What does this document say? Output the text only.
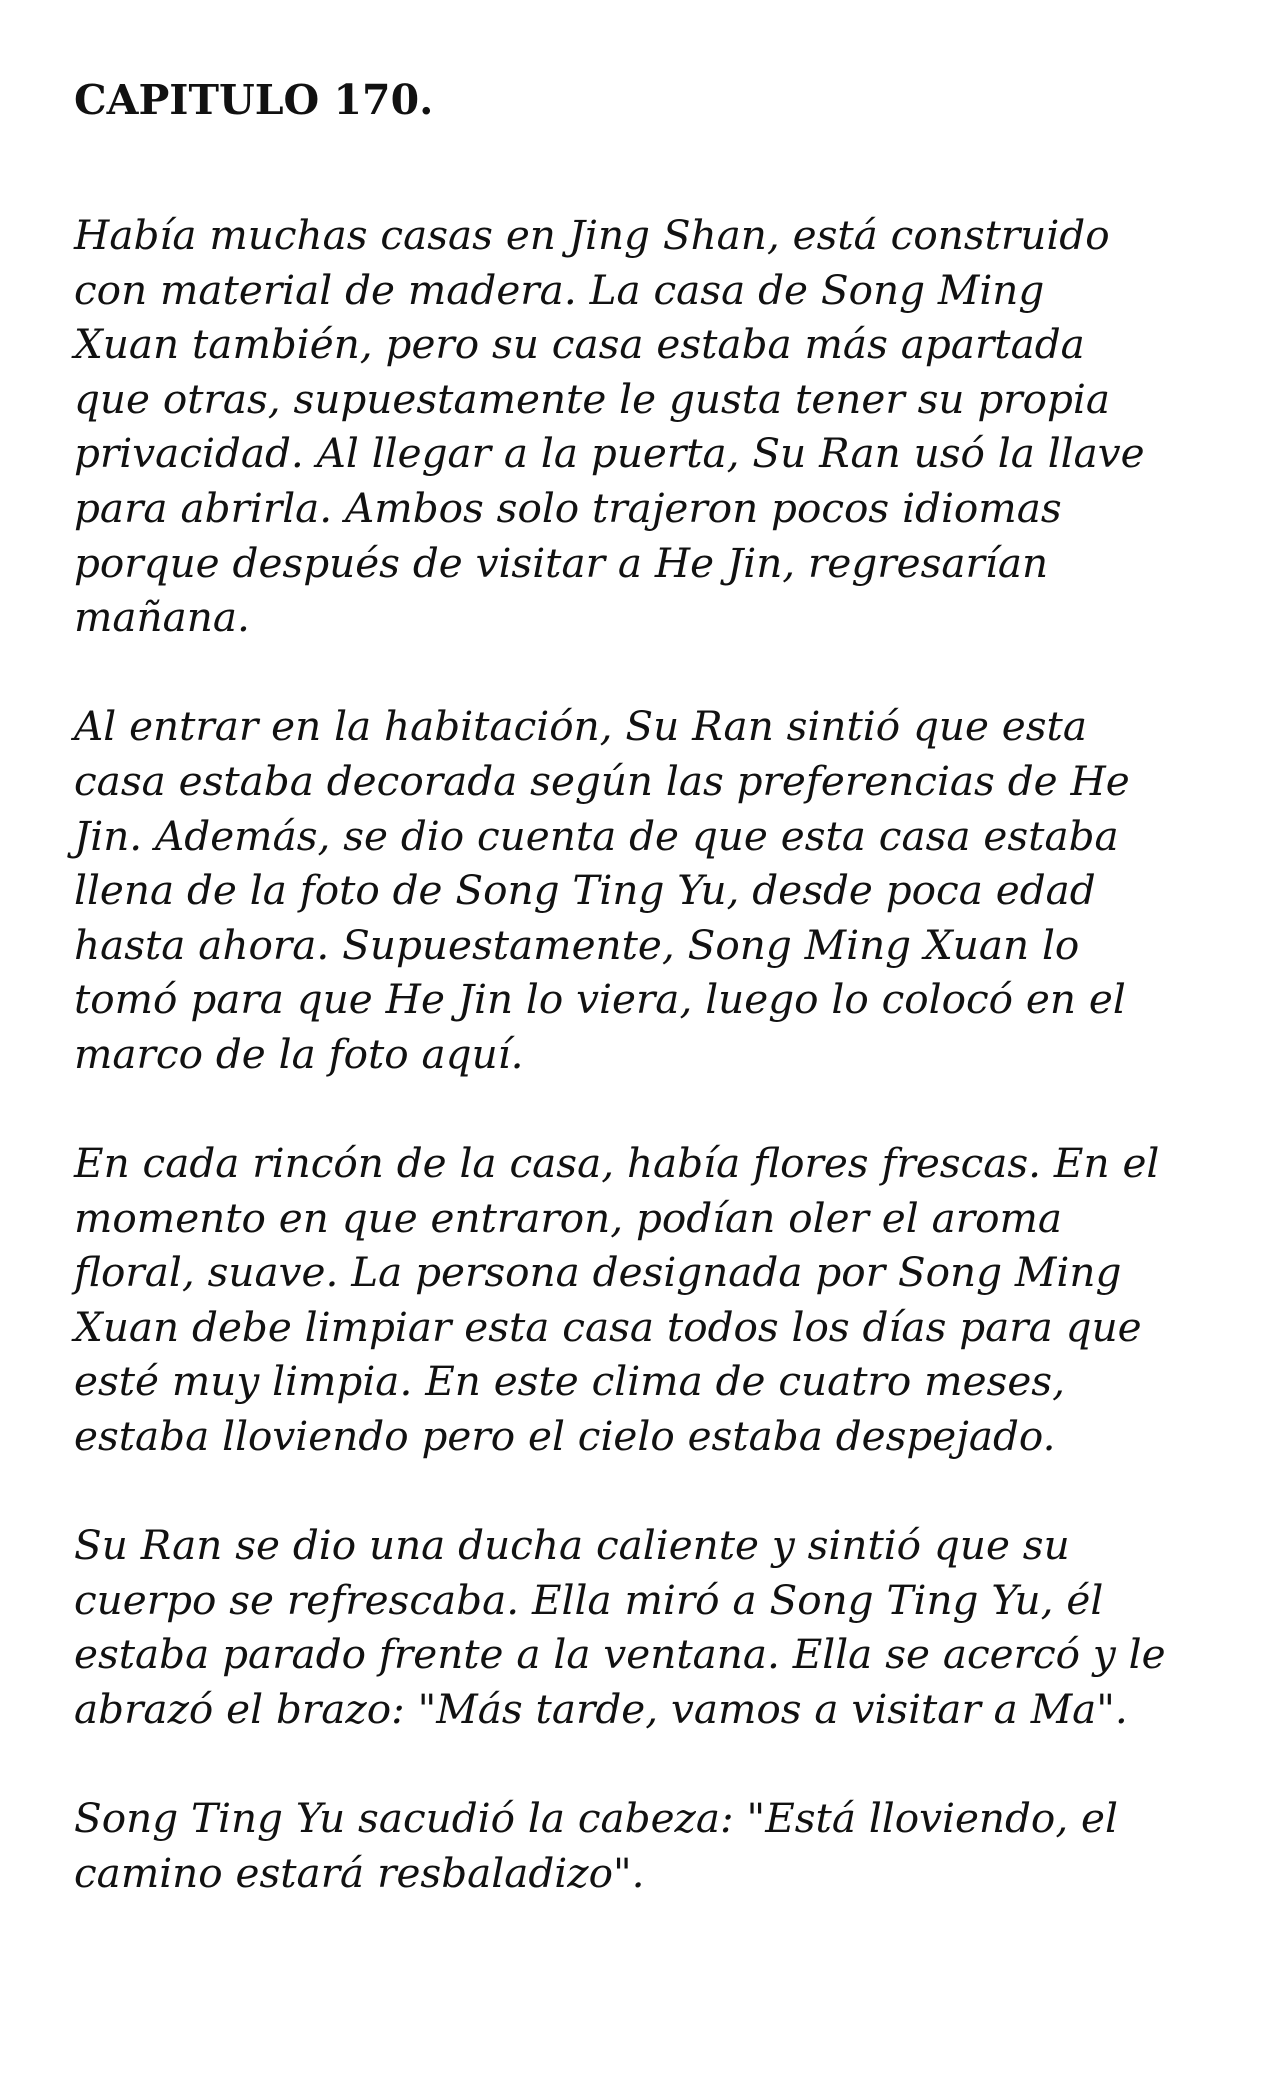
CAPITULO 170.
Había muchas casas en Jing Shan, está construido
con material de madera. La casa de Song Ming
Xuan también, pero su casa estaba más apartada
que otras, supuestamente le gusta tener su propia
privacidad. Al llegar a la puerta, Su Ran usó la llave
para abrirla. Ambos solo trajeron pocos idiomas
porque después de visitar a He Jin, regresarían
mañana.
Al entrar en la habitación, Su Ran sintió que esta
casa estaba decorada según las preferencias de He
Jin. Además, se dio cuenta de que esta casa estaba
llena de la foto de Song Ting Yu, desde poca edad
hasta ahora. Supuestamente, Song Ming Xuan lo
tomó para que He Jin lo viera, luego lo colocó en el
marco de la foto aquí.
En cada rincón de la casa, había flores frescas. En el
momento en que entraron, podían oler el aroma
floral, suave. La persona designada por Song Ming
Xuan debe limpiar esta casa todos los días para que
esté muy limpia. En este clima de cuatro meses,
estaba lloviendo pero el cielo estaba despejado.
Su Ran se dio una ducha caliente y sintió que su
cuerpo se refrescaba. Ella miró a Song Ting Yu, él
estaba parado frente a la ventana. Ella se acercó y le
abrazó el brazo: "Más tarde, vamos a visitar a Ma".
Song Ting Yu sacudió la cabeza: "Está lloviendo, el
camino estará resbaladizo".
